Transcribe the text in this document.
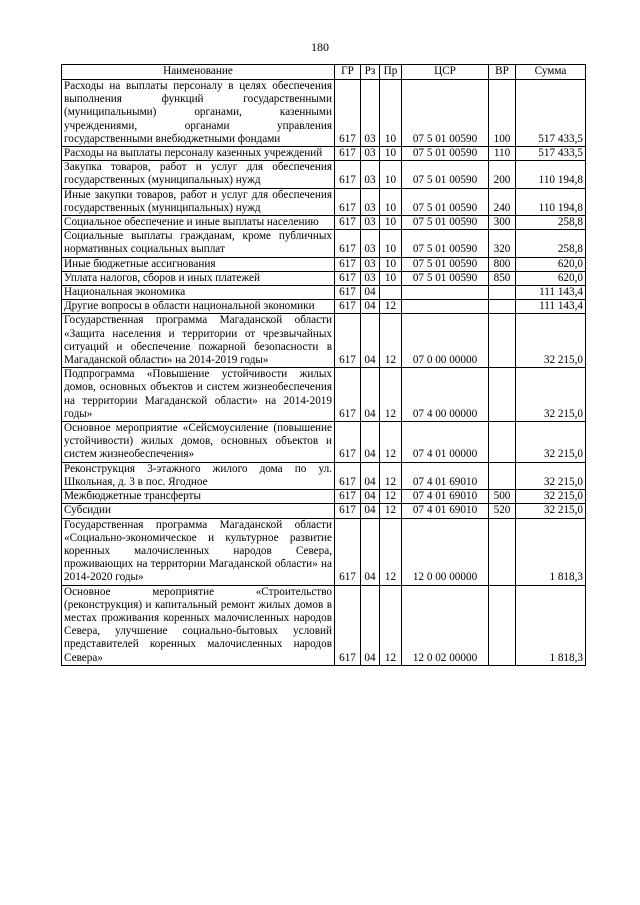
180
Наименование	ГР	Рз	Пр	ЦСР	ВР	Сумма
Расходы на выплаты персоналу в целях обеспечения выполнения функций государственными (муниципальными) органами, казенными учреждениями, органами управления государственными внебюджетными фондами	617	03	10	07 5 01 00590	100	517 433,5
Расходы на выплаты персоналу казенных учреждений	617	03	10	07 5 01 00590	110	517 433,5
Закупка товаров, работ и услуг для обеспечения государственных (муниципальных) нужд	617	03	10	07 5 01 00590	200	110 194,8
Иные закупки товаров, работ и услуг для обеспечения государственных (муниципальных) нужд	617	03	10	07 5 01 00590	240	110 194,8
Социальное обеспечение и иные выплаты населению	617	03	10	07 5 01 00590	300	258,8
Социальные выплаты гражданам, кроме публичных нормативных социальных выплат	617	03	10	07 5 01 00590	320	258,8
Иные бюджетные ассигнования	617	03	10	07 5 01 00590	800	620,0
Уплата налогов, сборов и иных платежей	617	03	10	07 5 01 00590	850	620,0
Национальная экономика	617	04				111 143,4
Другие вопросы в области национальной экономики	617	04	12			111 143,4
Государственная программа Магаданской области «Защита населения и территории от чрезвычайных ситуаций и обеспечение пожарной безопасности в Магаданской области» на 2014-2019 годы»	617	04	12	07 0 00 00000		32 215,0
Подпрограмма «Повышение устойчивости жилых домов, основных объектов и систем жизнеобеспечения на территории Магаданской области» на 2014-2019 годы»	617	04	12	07 4 00 00000		32 215,0
Основное мероприятие «Сейсмоусиление (повышение устойчивости) жилых домов, основных объектов и систем жизнеобеспечения»	617	04	12	07 4 01 00000		32 215,0
Реконструкция 3-этажного жилого дома по ул. Школьная, д. 3 в пос. Ягодное	617	04	12	07 4 01 69010		32 215,0
Межбюджетные трансферты	617	04	12	07 4 01 69010	500	32 215,0
Субсидии	617	04	12	07 4 01 69010	520	32 215,0
Государственная программа Магаданской области «Социально-экономическое и культурное развитие коренных малочисленных народов Севера, проживающих на территории Магаданской области» на 2014-2020 годы»	617	04	12	12 0 00 00000		1 818,3
Основное мероприятие «Строительство (реконструкция) и капитальный ремонт жилых домов в местах проживания коренных малочисленных народов Севера, улучшение социально-бытовых условий представителей коренных малочисленных народов Севера»	617	04	12	12 0 02 00000		1 818,3
